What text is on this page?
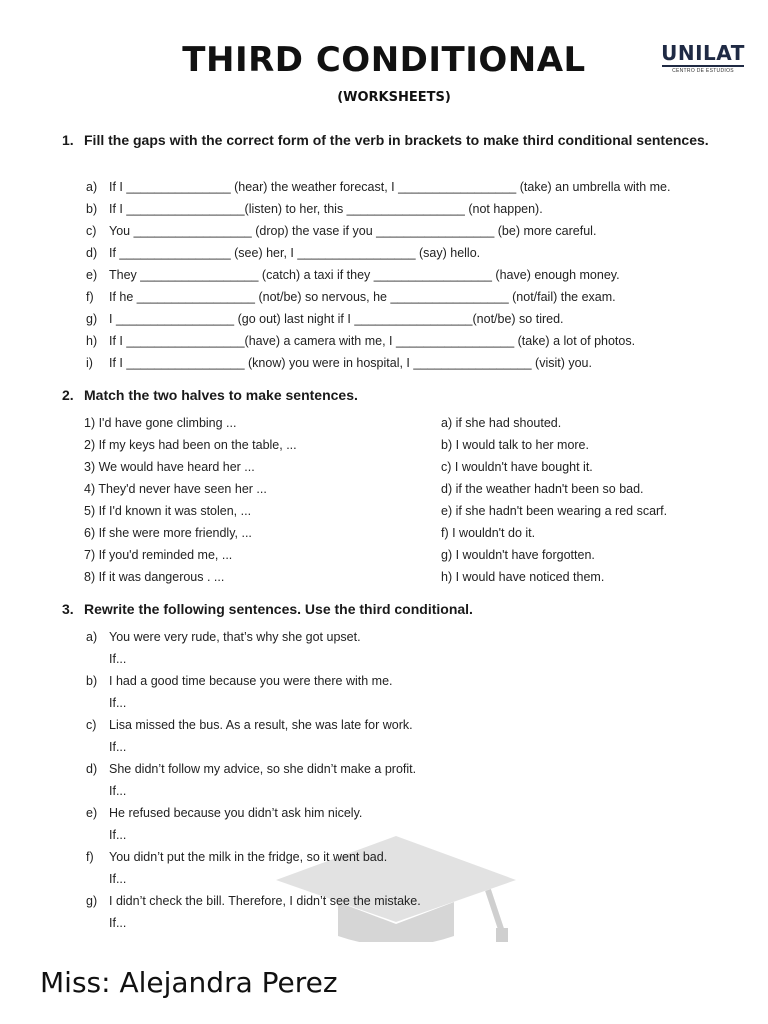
THIRD CONDITIONAL
(WORKSHEETS)
UNILAT
CENTRO DE ESTUDIOS
1. Fill the gaps with the correct form of the verb in brackets to make third conditional sentences.
a) If I _______________ (hear) the weather forecast, I _________________ (take) an umbrella with me.
b) If I _________________(listen) to her, this _________________ (not happen).
c) You _________________ (drop) the vase if you _________________ (be) more careful.
d) If ________________ (see) her, I _________________ (say) hello.
e) They _________________ (catch) a taxi if they _________________ (have) enough money.
f) If he _________________ (not/be) so nervous, he _________________ (not/fail) the exam.
g) I _________________ (go out) last night if I _________________(not/be) so tired.
h) If I _________________(have) a camera with me, I _________________ (take) a lot of photos.
i) If I _________________ (know) you were in hospital, I _________________ (visit) you.
2. Match the two halves to make sentences.
1) I'd have gone climbing ...
2) If my keys had been on the table, ...
3) We would have heard her ...
4) They'd never have seen her ...
5) If I'd known it was stolen, ...
6) If she were more friendly, ...
7) If you'd reminded me, ...
8) If it was dangerous . ...
a) if she had shouted.
b) I would talk to her more.
c) I wouldn't have bought it.
d) if the weather hadn't been so bad.
e) if she hadn't been wearing a red scarf.
f) I wouldn't do it.
g) I wouldn't have forgotten.
h) I would have noticed them.
3. Rewrite the following sentences. Use the third conditional.
a) You were very rude, that’s why she got upset.
If...
b) I had a good time because you were there with me.
If...
c) Lisa missed the bus. As a result, she was late for work.
If...
d) She didn’t follow my advice, so she didn’t make a profit.
If...
e) He refused because you didn’t ask him nicely.
If...
f) You didn’t put the milk in the fridge, so it went bad.
If...
g) I didn’t check the bill. Therefore, I didn’t see the mistake.
If...
Miss: Alejandra Perez
